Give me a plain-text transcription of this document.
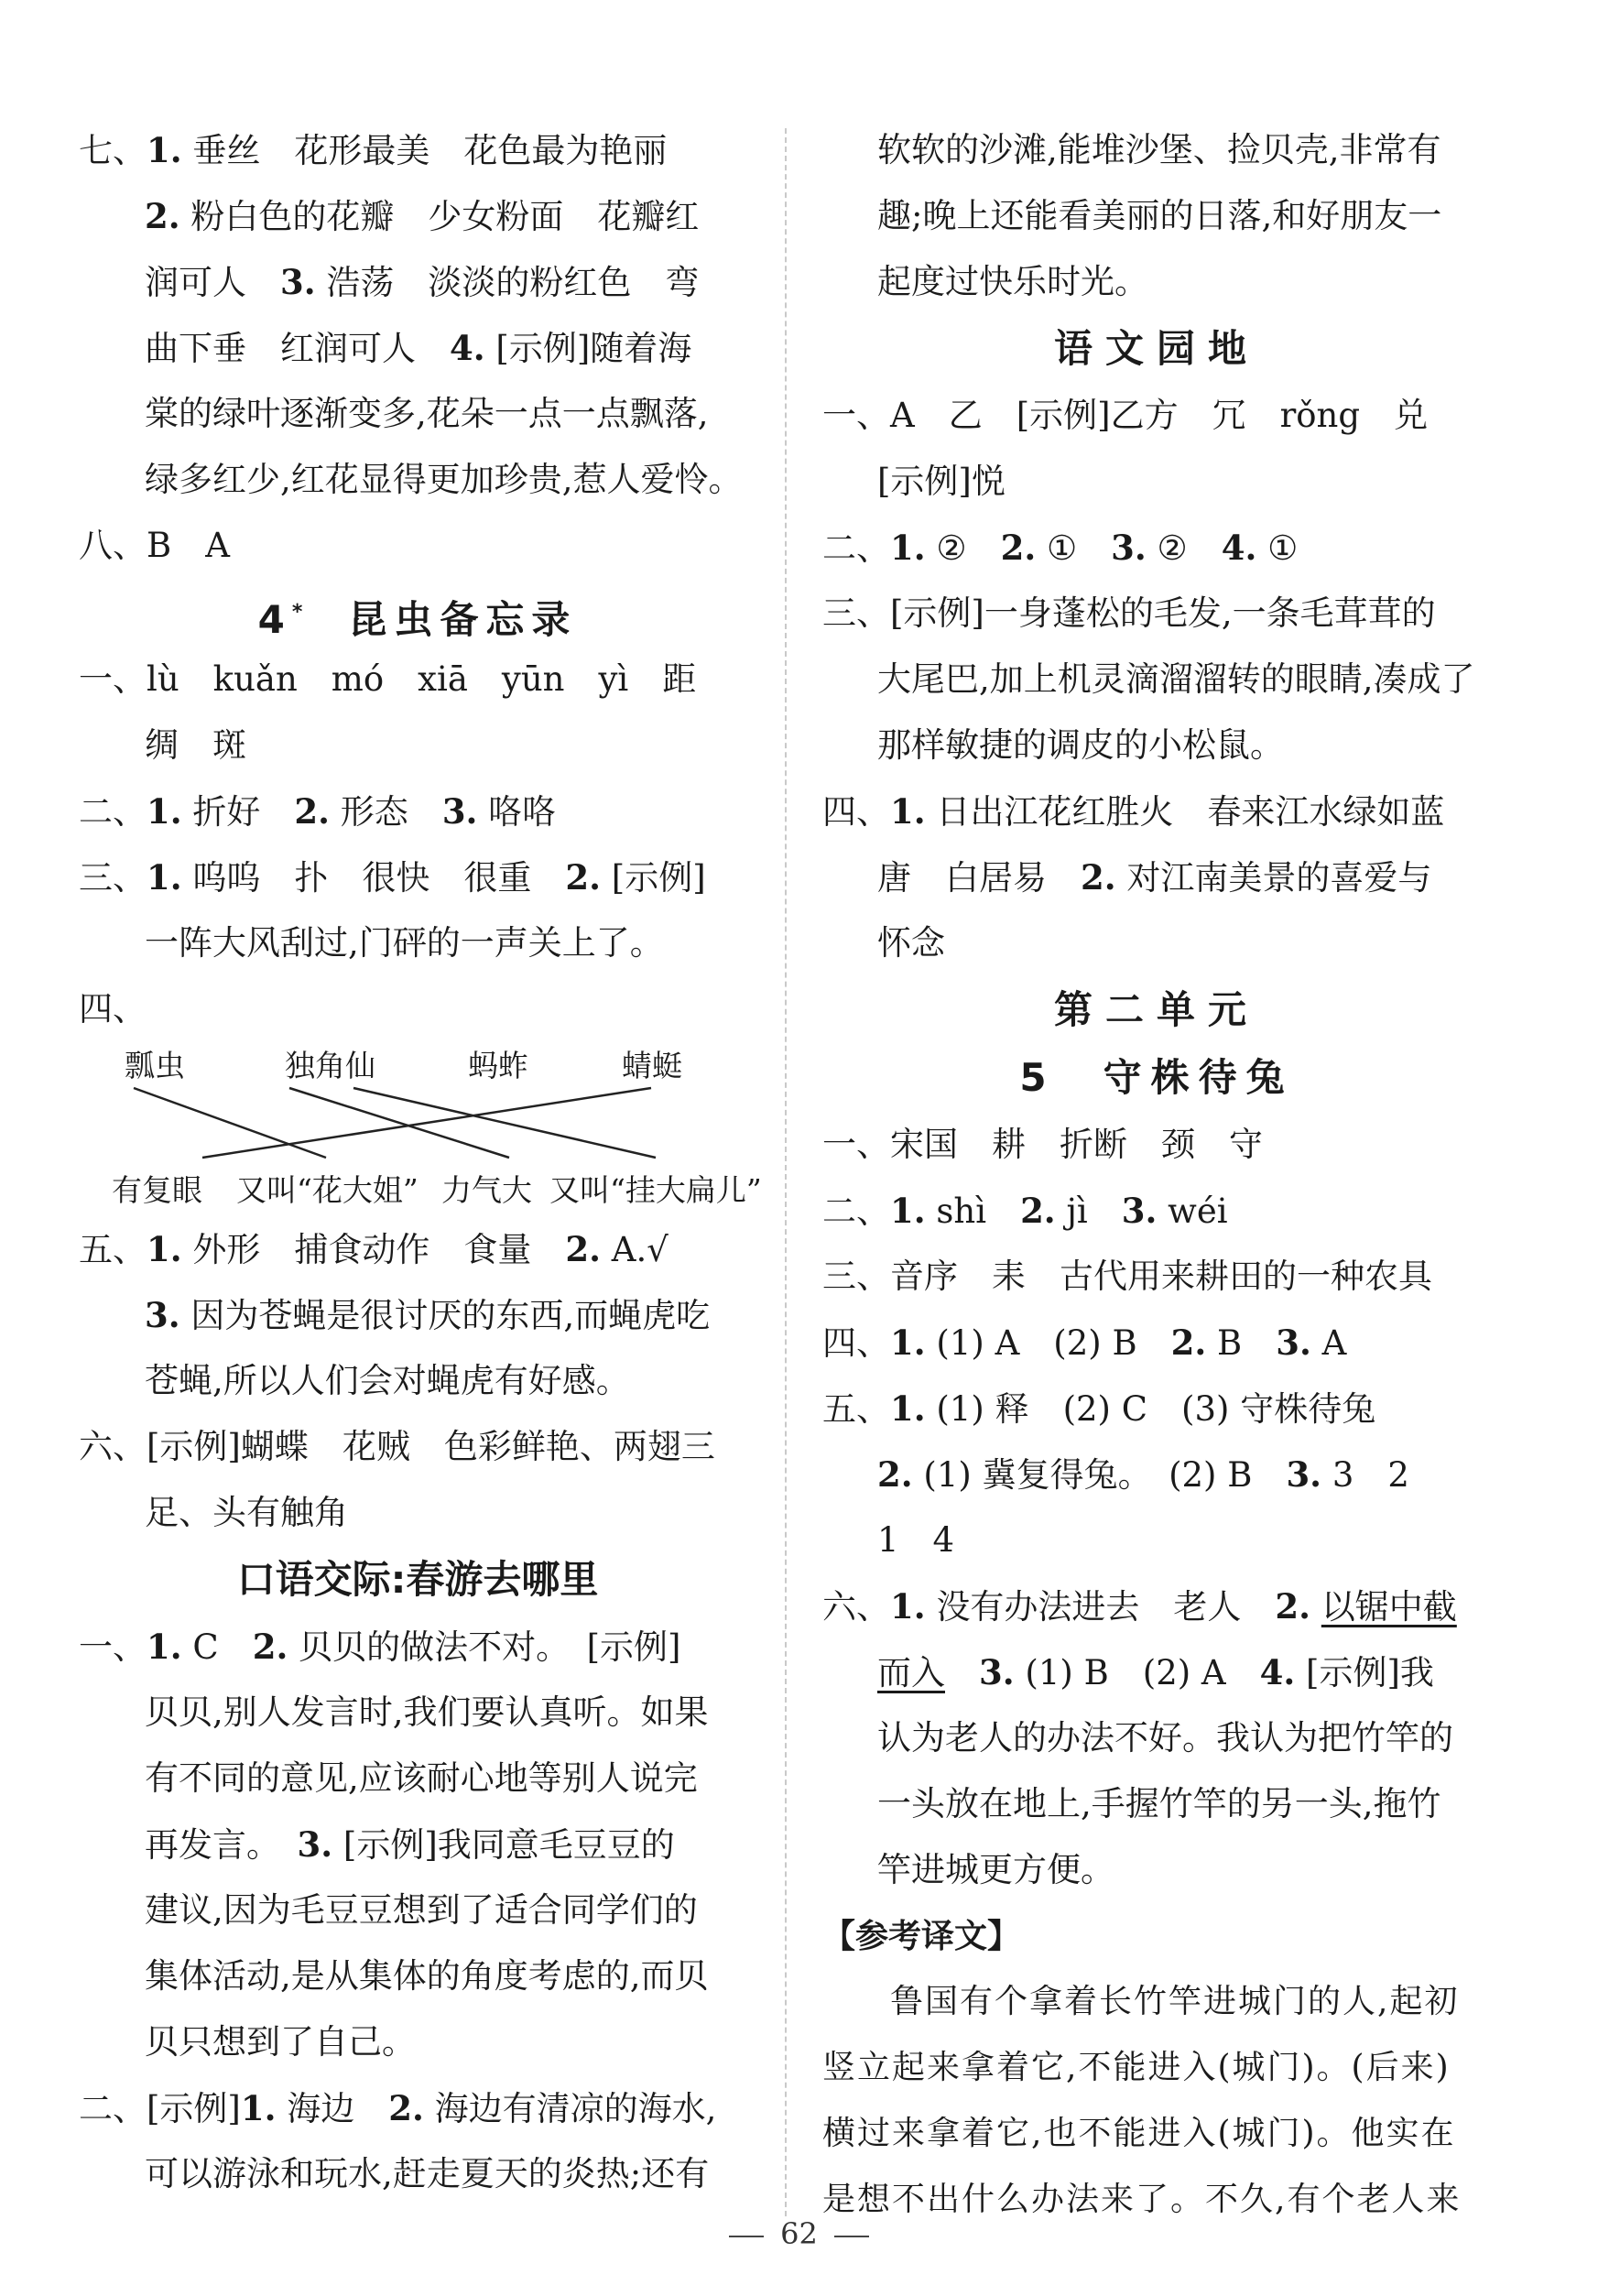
七、1. 垂丝　花形最美　花色最为艳丽
2. 粉白色的花瓣　少女粉面　花瓣红
润可人　3. 浩荡　淡淡的粉红色　弯
曲下垂　红润可人　4. [示例]随着海
棠的绿叶逐渐变多,花朵一点一点飘落,
绿多红少,红花显得更加珍贵,惹人爱怜。
八、B　A
4*　 昆虫备忘录
一、lù　kuǎn　mó　xiā　yūn　yì　距
绸　斑
二、1. 折好　2. 形态　3. 咯咯
三、1. 呜呜　扑　很快　很重　2. [示例]
一阵大风刮过,门砰的一声关上了。
四、
瓢虫	独角仙	蚂蚱	蜻蜓
有复眼 又叫“花大姐” 力气大 又叫“挂大扁儿”
五、1. 外形　捕食动作　食量　2. A.√
3. 因为苍蝇是很讨厌的东西,而蝇虎吃
苍蝇,所以人们会对蝇虎有好感。
六、[示例]蝴蝶　花贼　色彩鲜艳、两翅三
足、头有触角
口语交际:春游去哪里
一、1. C　2. 贝贝的做法不对。　[示例]
贝贝,别人发言时,我们要认真听。如果
有不同的意见,应该耐心地等别人说完
再发言。　3. [示例]我同意毛豆豆的
建议,因为毛豆豆想到了适合同学们的
集体活动,是从集体的角度考虑的,而贝
贝只想到了自己。
二、[示例]1. 海边　2. 海边有清凉的海水,
可以游泳和玩水,赶走夏天的炎热;还有
软软的沙滩,能堆沙堡、捡贝壳,非常有
趣;晚上还能看美丽的日落,和好朋友一
起度过快乐时光。
语文园地
一、A　乙　[示例]乙方　冗　rǒng　兑
[示例]悦
二、1. ②　2. ①　3. ②　4. ①
三、[示例]一身蓬松的毛发,一条毛茸茸的
大尾巴,加上机灵滴溜溜转的眼睛,凑成了
那样敏捷的调皮的小松鼠。
四、1. 日出江花红胜火　春来江水绿如蓝
唐　白居易　2. 对江南美景的喜爱与
怀念
第二单元
5　守株待兔
一、宋国　耕　折断　颈　守
二、1. shì　2. jì　3. wéi
三、音序　耒　古代用来耕田的一种农具
四、1. (1) A　(2) B　2. B　3. A
五、1. (1) 释　(2) C　(3) 守株待兔
2. (1) 冀复得兔。　(2) B　3. 3　2
1　4
六、1. 没有办法进去　老人　2. 以锯中截
而入　 3. (1) B　(2) A　4. [示例]我
认为老人的办法不好。我认为把竹竿的
一头放在地上,手握竹竿的另一头,拖竹
竿进城更方便。
【参考译文】
鲁国有个拿着长竹竿进城门的人,起初
竖立起来拿着它,不能进入(城门)。(后来)
横过来拿着它,也不能进入(城门)。他实在
是想不出什么办法来了。不久,有个老人来
62
